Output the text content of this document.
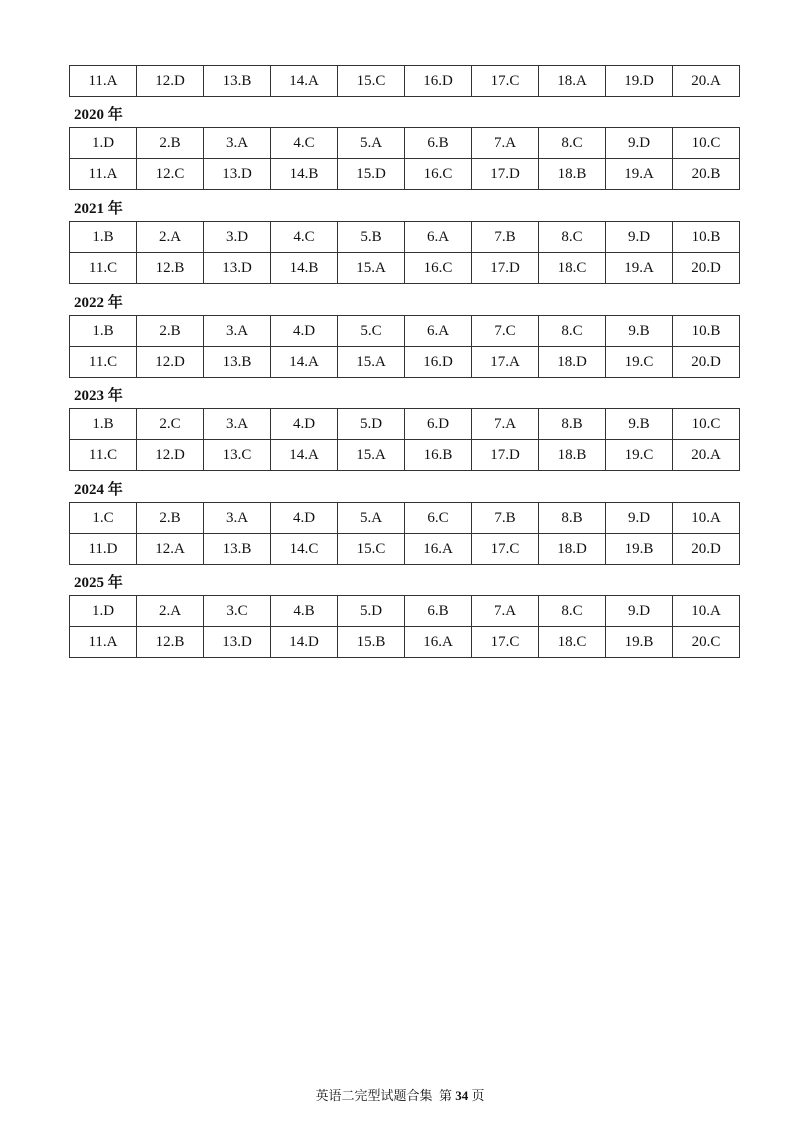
11.A	12.D	13.B	14.A	15.C	16.D	17.C	18.A	19.D	20.A
2020 年
1.D	2.B	3.A	4.C	5.A	6.B	7.A	8.C	9.D	10.C
11.A	12.C	13.D	14.B	15.D	16.C	17.D	18.B	19.A	20.B
2021 年
1.B	2.A	3.D	4.C	5.B	6.A	7.B	8.C	9.D	10.B
11.C	12.B	13.D	14.B	15.A	16.C	17.D	18.C	19.A	20.D
2022 年
1.B	2.B	3.A	4.D	5.C	6.A	7.C	8.C	9.B	10.B
11.C	12.D	13.B	14.A	15.A	16.D	17.A	18.D	19.C	20.D
2023 年
1.B	2.C	3.A	4.D	5.D	6.D	7.A	8.B	9.B	10.C
11.C	12.D	13.C	14.A	15.A	16.B	17.D	18.B	19.C	20.A
2024 年
1.C	2.B	3.A	4.D	5.A	6.C	7.B	8.B	9.D	10.A
11.D	12.A	13.B	14.C	15.C	16.A	17.C	18.D	19.B	20.D
2025 年
1.D	2.A	3.C	4.B	5.D	6.B	7.A	8.C	9.D	10.A
11.A	12.B	13.D	14.D	15.B	16.A	17.C	18.C	19.B	20.C
英语二完型试题合集 第 34 页
